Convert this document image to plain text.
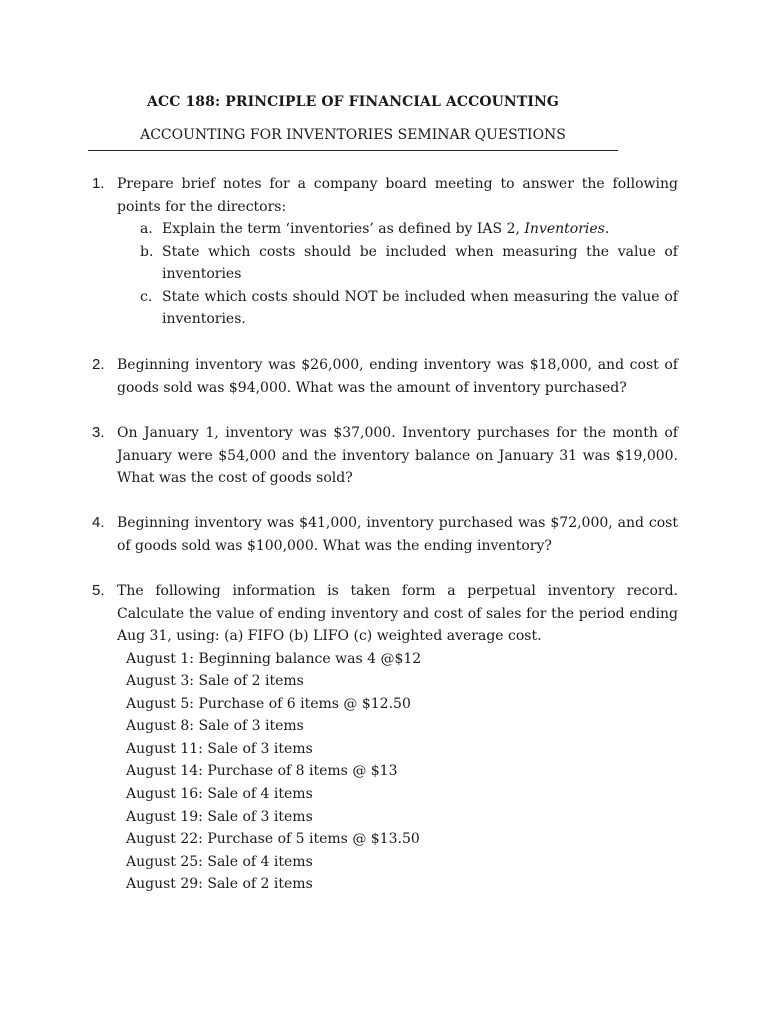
ACC 188: PRINCIPLE OF FINANCIAL ACCOUNTING
ACCOUNTING FOR INVENTORIES SEMINAR QUESTIONS
1. Prepare brief notes for a company board meeting to answer the following points for the directors:
a. Explain the term ‘inventories’ as defined by IAS 2, Inventories.
b. State which costs should be included when measuring the value of inventories
c. State which costs should NOT be included when measuring the value of inventories.
2. Beginning inventory was $26,000, ending inventory was $18,000, and cost of goods sold was $94,000. What was the amount of inventory purchased?
3. On January 1, inventory was $37,000. Inventory purchases for the month of January were $54,000 and the inventory balance on January 31 was $19,000. What was the cost of goods sold?
4. Beginning inventory was $41,000, inventory purchased was $72,000, and cost of goods sold was $100,000. What was the ending inventory?
5. The following information is taken form a perpetual inventory record. Calculate the value of ending inventory and cost of sales for the period ending Aug 31, using: (a) FIFO (b) LIFO (c) weighted average cost.
August 1: Beginning balance was 4 @$12
August 3: Sale of 2 items
August 5: Purchase of 6 items @ $12.50
August 8: Sale of 3 items
August 11: Sale of 3 items
August 14: Purchase of 8 items @ $13
August 16: Sale of 4 items
August 19: Sale of 3 items
August 22: Purchase of 5 items @ $13.50
August 25: Sale of 4 items
August 29: Sale of 2 items
